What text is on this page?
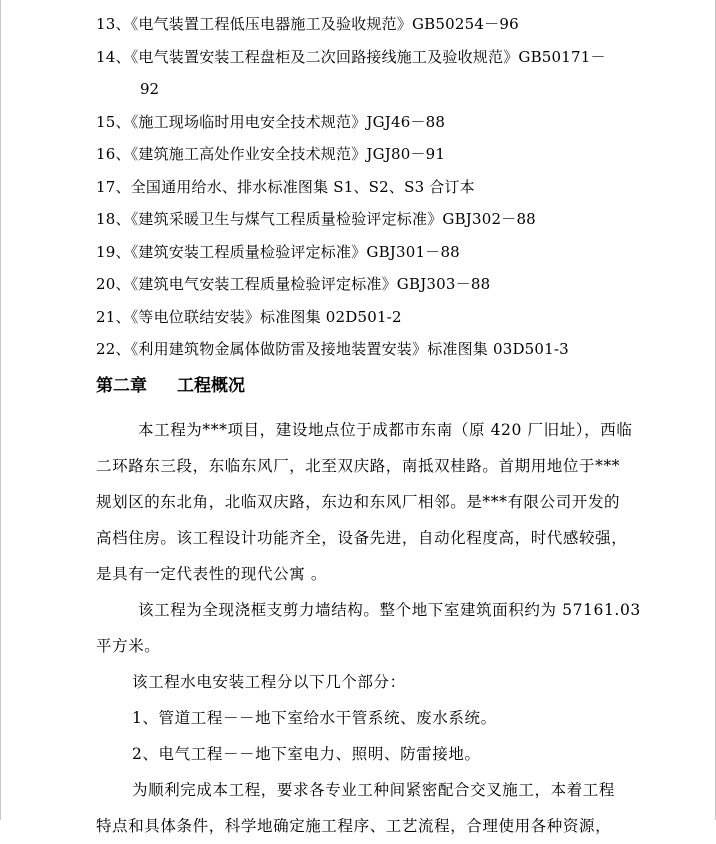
13、《电气装置工程低压电器施工及验收规范》GB50254－96
14、《电气装置安装工程盘柜及二次回路接线施工及验收规范》GB50171－
92
15、《施工现场临时用电安全技术规范》JGJ46－88
16、《建筑施工高处作业安全技术规范》JGJ80－91
17、全国通用给水、排水标准图集 S1、S2、S3 合订本
18、《建筑采暖卫生与煤气工程质量检验评定标准》GBJ302－88
19、《建筑安装工程质量检验评定标准》GBJ301－88
20、《建筑电气安装工程质量检验评定标准》GBJ303－88
21、《等电位联结安装》标准图集 02D501-2
22、《利用建筑物金属体做防雷及接地装置安装》标准图集 03D501-3
第二章 工程概况
本工程为***项目，建设地点位于成都市东南（原 420 厂旧址），西临
二环路东三段，东临东风厂，北至双庆路，南抵双桂路。首期用地位于***
规划区的东北角，北临双庆路，东边和东风厂相邻。是***有限公司开发的
高档住房。该工程设计功能齐全，设备先进，自动化程度高，时代感较强，
是具有一定代表性的现代公寓 。
该工程为全现浇框支剪力墙结构。整个地下室建筑面积约为 57161.03
平方米。
该工程水电安装工程分以下几个部分：
1、管道工程－－地下室给水干管系统、废水系统。
2、电气工程－－地下室电力、照明、防雷接地。
为顺利完成本工程，要求各专业工种间紧密配合交叉施工，本着工程
特点和具体条件，科学地确定施工程序、工艺流程，合理使用各种资源，
